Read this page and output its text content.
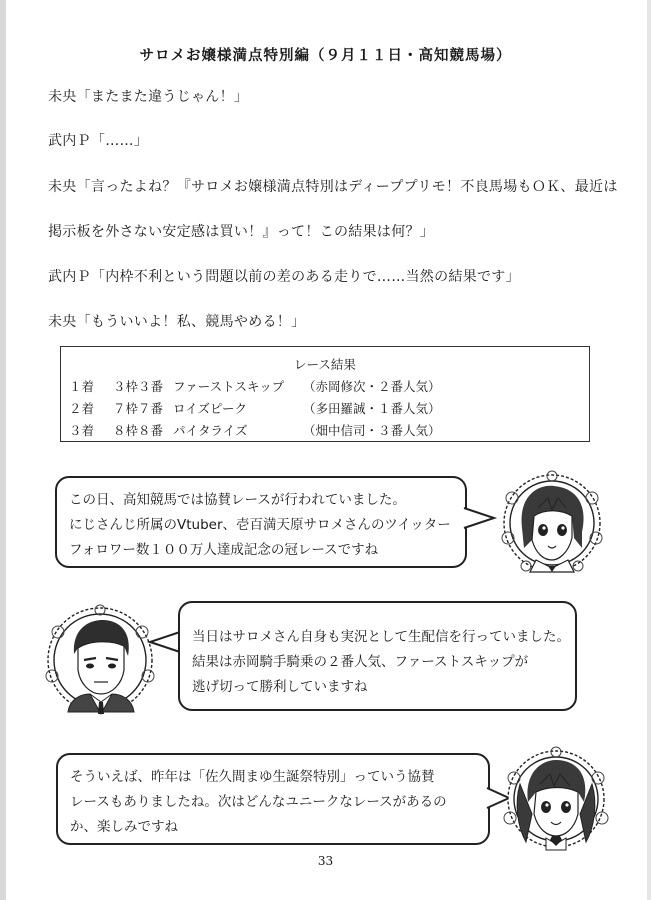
サロメお嬢様満点特別編（９月１１日・高知競馬場）
未央「またまた違うじゃん！」
武内Ｐ「……」
未央「言ったよね？『サロメお嬢様満点特別はディーププリモ！不良馬場もＯＫ、最近は
掲示板を外さない安定感は買い！』って！この結果は何？」
武内Ｐ「内枠不利という問題以前の差のある走りで……当然の結果です」
未央「もういいよ！私、競馬やめる！」
レース結果
１着 ３枠３番 ファーストスキップ （赤岡修次・２番人気）
２着 ７枠７番 ロイズピーク	（多田羅誠・１番人気）
３着 ８枠８番 パイタライズ	（畑中信司・３番人気）
この日、高知競馬では協賛レースが行われていました。
にじさんじ所属のVtuber、壱百満天原サロメさんのツイッター
フォロワー数１００万人達成記念の冠レースですね
当日はサロメさん自身も実況として生配信を行っていました。
結果は赤岡騎手騎乗の２番人気、ファーストスキップが
逃げ切って勝利していますね
そういえば、昨年は「佐久間まゆ生誕祭特別」っていう協賛
レースもありましたね。次はどんなユニークなレースがあるの
か、楽しみですね
33
